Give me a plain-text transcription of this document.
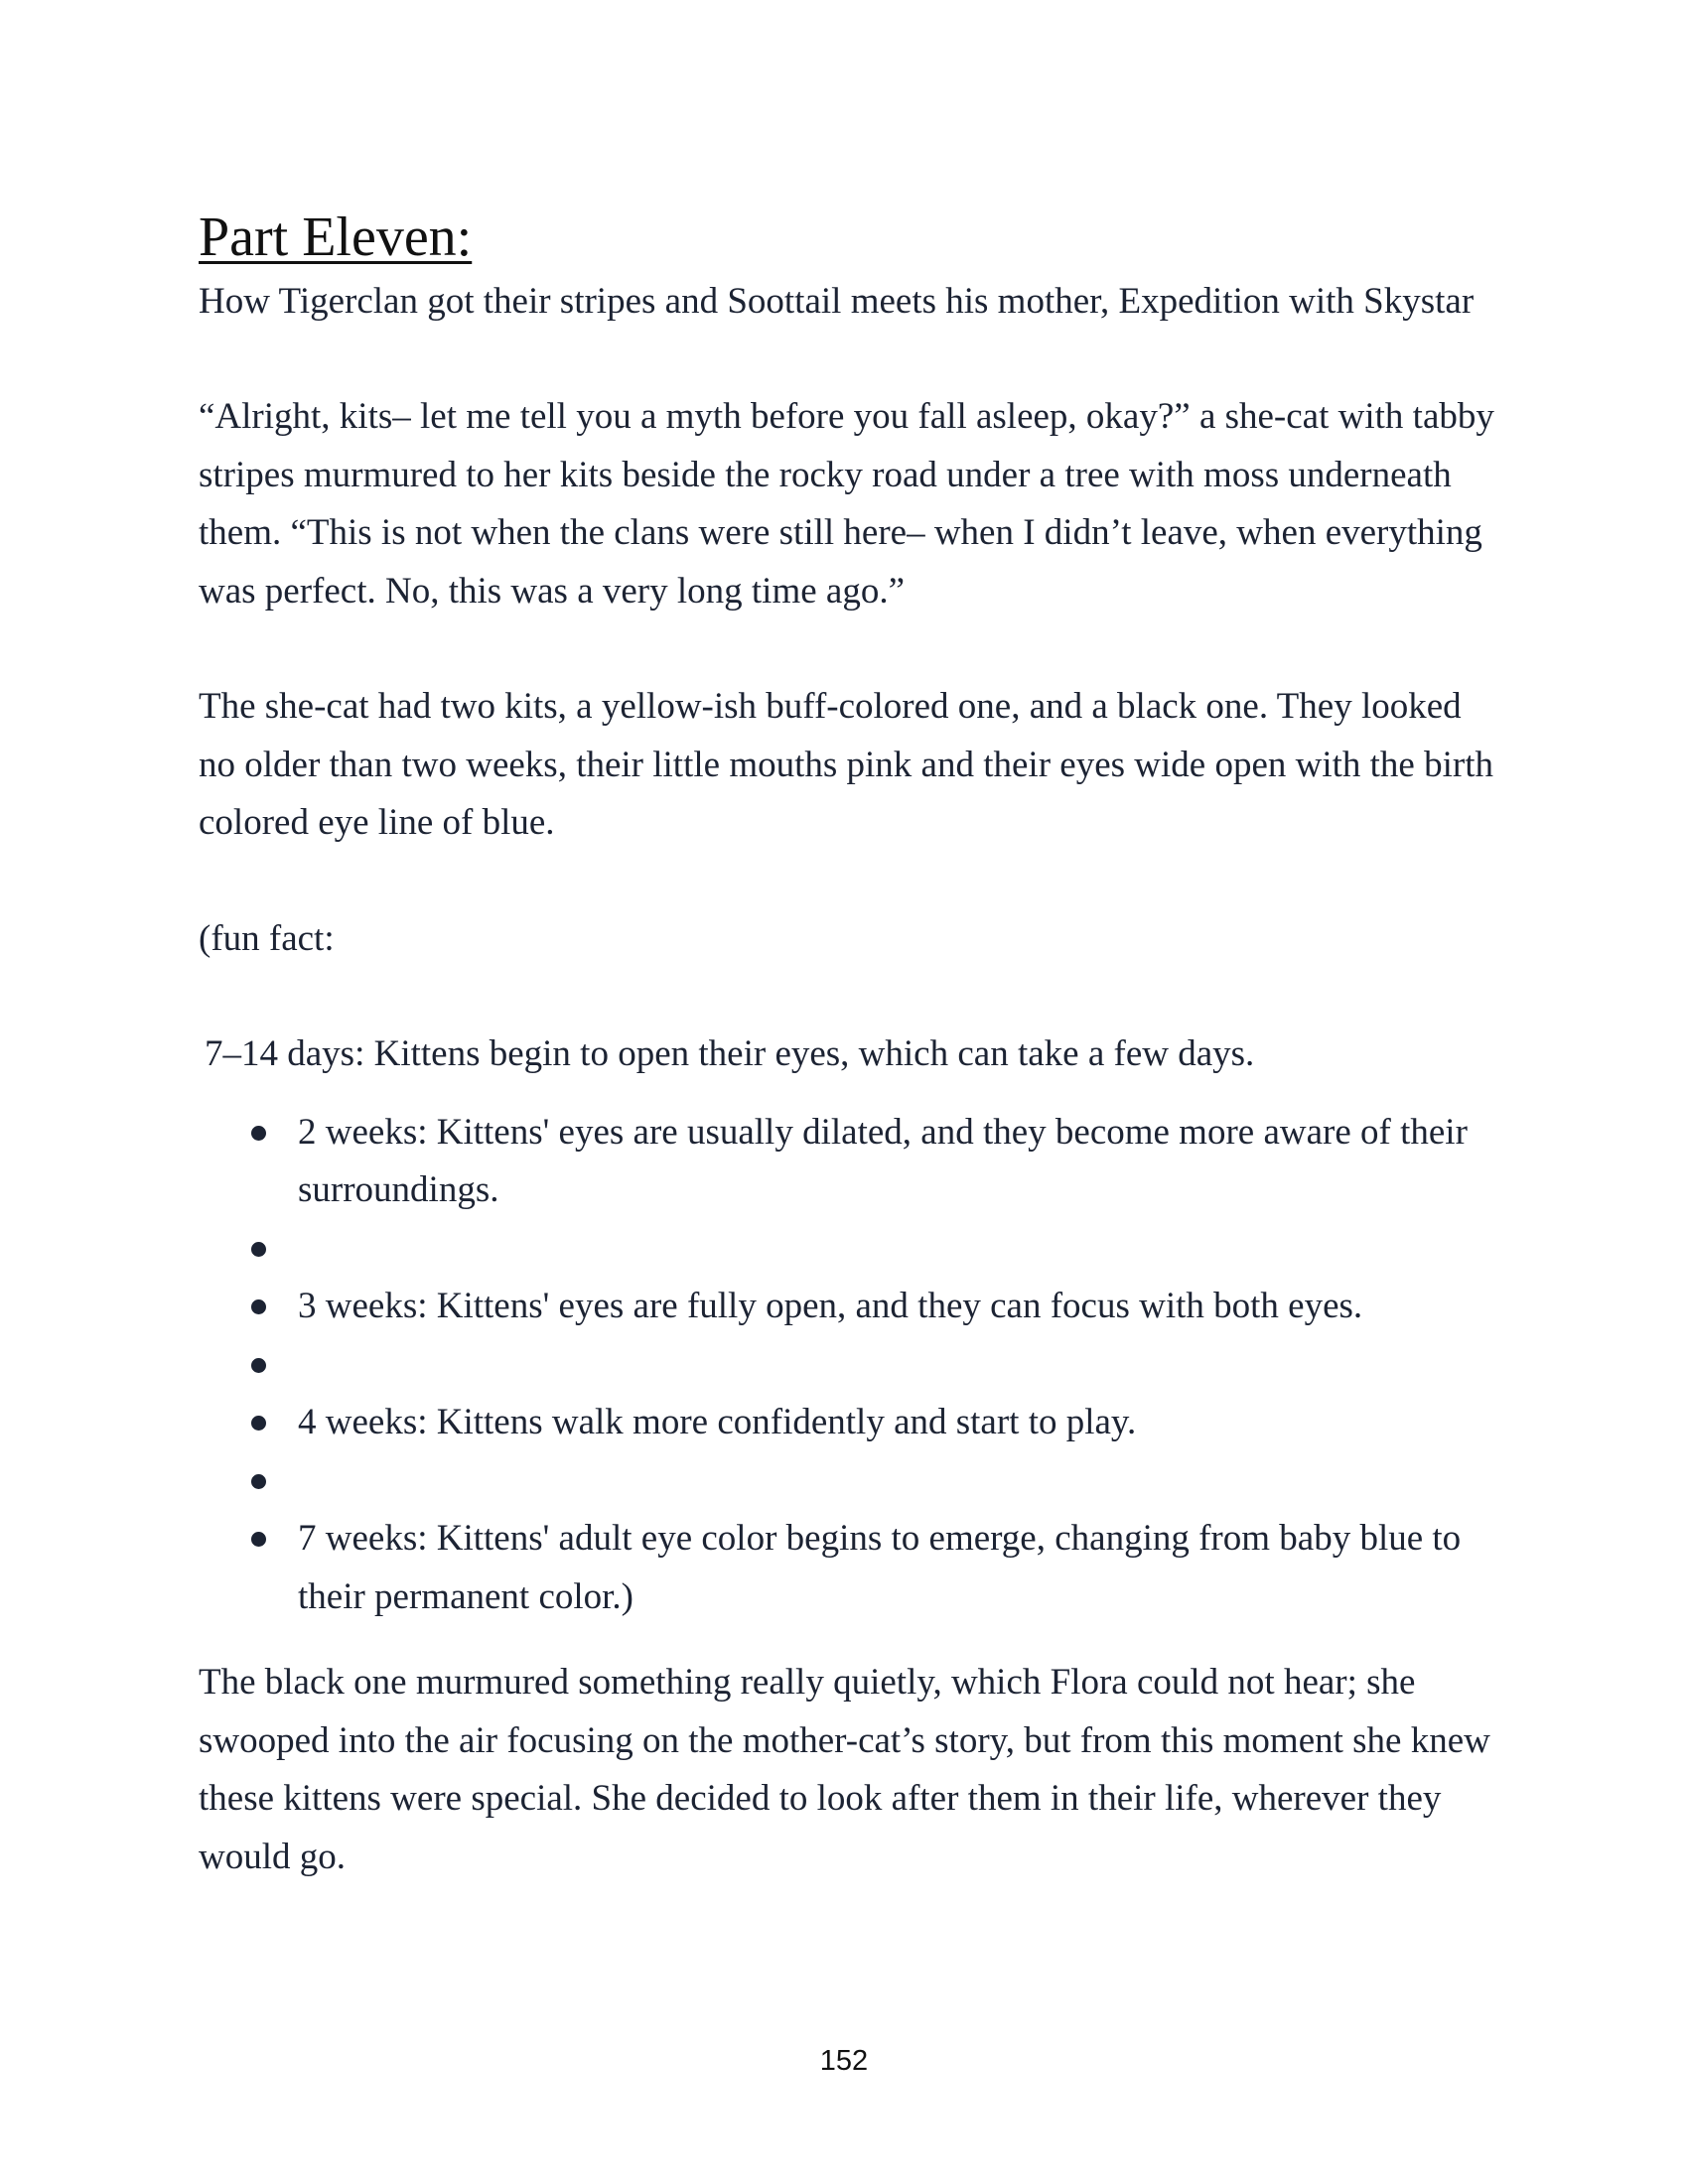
Part Eleven:

How Tigerclan got their stripes and Soottail meets his mother, Expedition with Skystar

“Alright, kits– let me tell you a myth before you fall asleep, okay?” a she-cat with tabby stripes murmured to her kits beside the rocky road under a tree with moss underneath them. “This is not when the clans were still here– when I didn’t leave, when everything was perfect. No, this was a very long time ago.”

The she-cat had two kits, a yellow-ish buff-colored one, and a black one. They looked no older than two weeks, their little mouths pink and their eyes wide open with the birth colored eye line of blue.

(fun fact:

7–14 days: Kittens begin to open their eyes, which can take a few days.

2 weeks: Kittens' eyes are usually dilated, and they become more aware of their surroundings.
3 weeks: Kittens' eyes are fully open, and they can focus with both eyes.
4 weeks: Kittens walk more confidently and start to play.
7 weeks: Kittens' adult eye color begins to emerge, changing from baby blue to their permanent color.)

The black one murmured something really quietly, which Flora could not hear; she swooped into the air focusing on the mother-cat’s story, but from this moment she knew these kittens were special. She decided to look after them in their life, wherever they would go.

152
